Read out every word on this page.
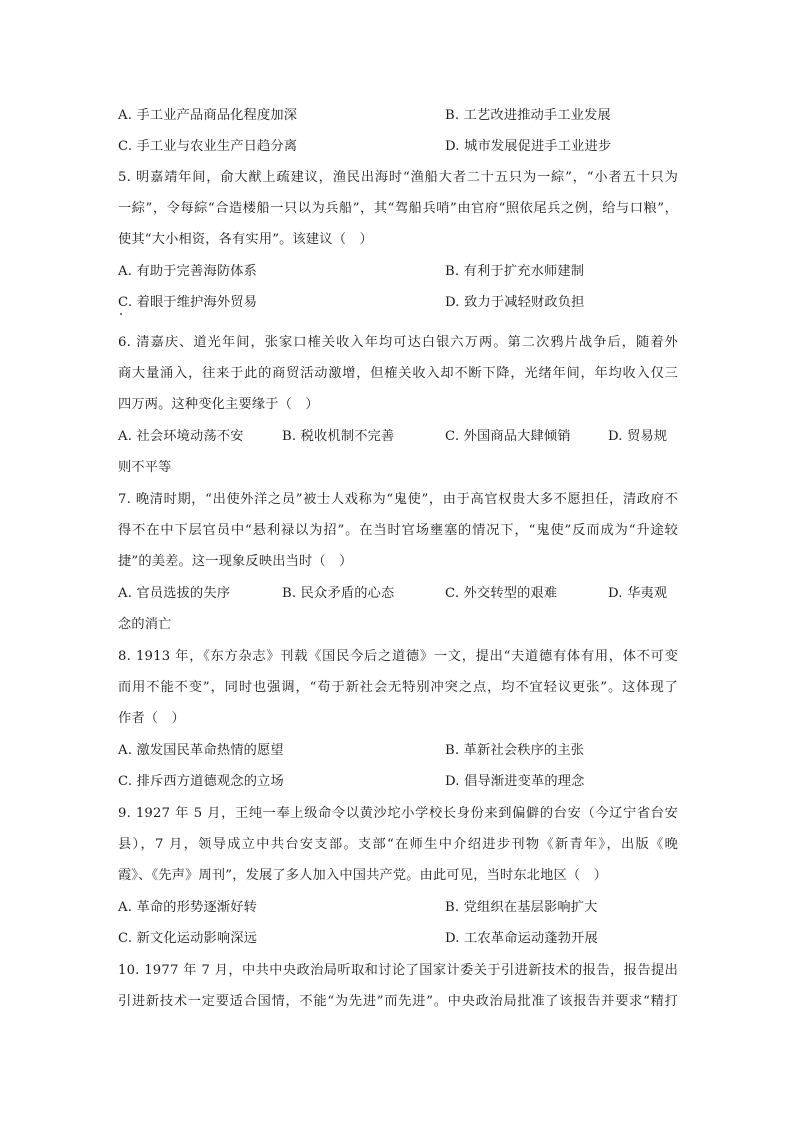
A. 手工业产品商品化程度加深	B. 工艺改进推动手工业发展
C. 手工业与农业生产日趋分离	D. 城市发展促进手工业进步
5. 明嘉靖年间，俞大猷上疏建议，渔民出海时“渔船大者二十五只为一綜”，“小者五十只为
一綜”，令每綜“合造楼船一只以为兵船”，其“驾船兵哨”由官府“照依尾兵之例，给与口粮”，
使其“大小相资，各有实用”。该建议（　）
A. 有助于完善海防体系	B. 有利于扩充水师建制
C. 着眼于维护海外贸易	D. 致力于减轻财政负担
6. 清嘉庆、道光年间，张家口榷关收入年均可达白银六万两。第二次鸦片战争后，随着外
商大量涌入，往来于此的商贸活动激增，但榷关收入却不断下降，光绪年间，年均收入仅三
四万两。这种变化主要缘于（　）
A. 社会环境动荡不安	B. 税收机制不完善	C. 外国商品大肆倾销	D. 贸易规
则不平等
7. 晚清时期，“出使外洋之员”被士人戏称为“鬼使”，由于高官权贵大多不愿担任，清政府不
得不在中下层官员中“悬利禄以为招”。在当时官场壅塞的情况下，“鬼使”反而成为“升途较
捷”的美差。这一现象反映出当时（　）
A. 官员选拔的失序	B. 民众矛盾的心态	C. 外交转型的艰难	D. 华夷观
念的消亡
8. 1913 年，《东方杂志》刊载《国民今后之道德》一文，提出“夫道德有体有用，体不可变
而用不能不变”，同时也强调，“苟于新社会无特别冲突之点，均不宜轻议更张”。这体现了
作者（　）
A. 激发国民革命热情的愿望	B. 革新社会秩序的主张
C. 排斥西方道德观念的立场	D. 倡导渐进变革的理念
9. 1927 年 5 月，王纯一奉上级命令以黄沙坨小学校长身份来到偏僻的台安（今辽宁省台安
县），7 月，领导成立中共台安支部。支部“在师生中介绍进步刊物《新青年》，出版《晚
霞》、《先声》周刊”，发展了多人加入中国共产党。由此可见，当时东北地区（　）
A. 革命的形势逐渐好转	B. 党组织在基层影响扩大
C. 新文化运动影响深远	D. 工农革命运动蓬勃开展
10. 1977 年 7 月，中共中央政治局听取和讨论了国家计委关于引进新技术的报告，报告提出
引进新技术一定要适合国情，不能“为先进”而先进”。中央政治局批准了该报告并要求“精打
